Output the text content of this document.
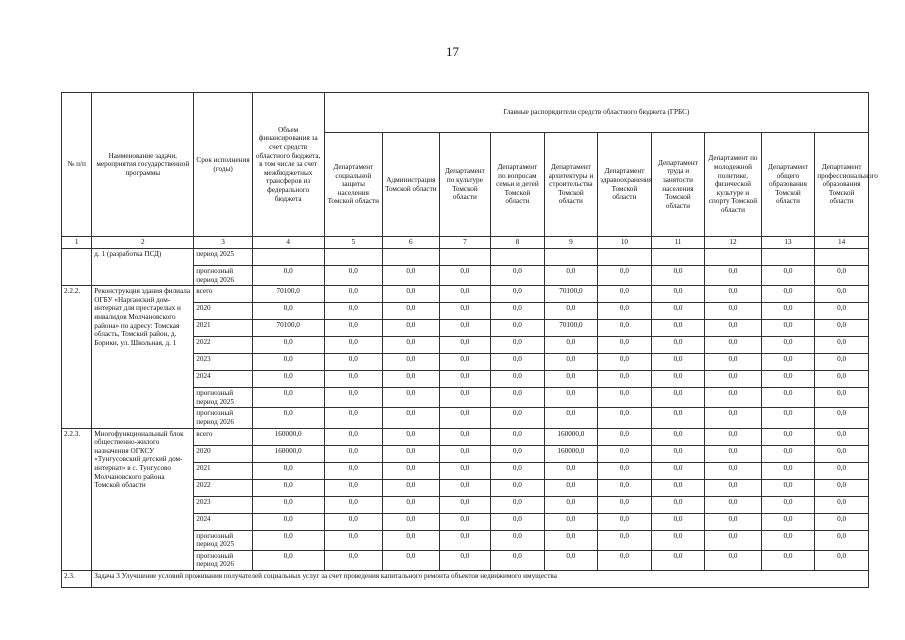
17
№ п/п	Наименование задачи, мероприятия государственной программы	Срок исполнения (годы)	Объем финансирования за счет средств областного бюджета, в том числе за счет межбюджетных трансферов из федерального бюджета	Главные распорядители средств областного бюджета (ГРБС)									
				Департамент социальной защиты населения Томской области	Администрация Томской области	Департамент по культуре Томской области	Департамент по вопросам семьи и детей Томской области	Департамент архитектуры и строительства Томской области	Департамент здравоохранения Томской области	Департамент труда и занятости населения Томской области	Департамент по молодежной политике, физической культуре и спорту Томской области	Департамент общего образования Томской области	Департамент профессионального образования Томской области
1	2	3	4	5	6	7	8	9	10	11	12	13	14
	д. 1 (разработка ПСД)	период 2025											
		прогнозный период 2026	0,0	0,0	0,0	0,0	0,0	0,0	0,0	0,0	0,0	0,0	0,0
2.2.2.	Реконструкция здания филиала ОГБУ «Нарганский дом-интернат для престарелых и инвалидов Молчановского района» по адресу: Томская область, Томский район, д. Борики, ул. Школьная, д. 1	всего	70100,0	0,0	0,0	0,0	0,0	70100,0	0,0	0,0	0,0	0,0	0,0
		2020	0,0	0,0	0,0	0,0	0,0	0,0	0,0	0,0	0,0	0,0	0,0
		2021	70100,0	0,0	0,0	0,0	0,0	70100,0	0,0	0,0	0,0	0,0	0,0
		2022	0,0	0,0	0,0	0,0	0,0	0,0	0,0	0,0	0,0	0,0	0,0
		2023	0,0	0,0	0,0	0,0	0,0	0,0	0,0	0,0	0,0	0,0	0,0
		2024	0,0	0,0	0,0	0,0	0,0	0,0	0,0	0,0	0,0	0,0	0,0
		прогнозный период 2025	0,0	0,0	0,0	0,0	0,0	0,0	0,0	0,0	0,0	0,0	0,0
		прогнозный период 2026	0,0	0,0	0,0	0,0	0,0	0,0	0,0	0,0	0,0	0,0	0,0
2.2.3.	Многофункциональный блок общественно-жилого назначения ОГКСУ «Тунгусовский детский дом-интернат» в с. Тунгусово Молчановского района Томской области	всего	160000,0	0,0	0,0	0,0	0,0	160000,0	0,0	0,0	0,0	0,0	0,0
		2020	160000,0	0,0	0,0	0,0	0,0	160000,0	0,0	0,0	0,0	0,0	0,0
		2021	0,0	0,0	0,0	0,0	0,0	0,0	0,0	0,0	0,0	0,0	0,0
		2022	0,0	0,0	0,0	0,0	0,0	0,0	0,0	0,0	0,0	0,0	0,0
		2023	0,0	0,0	0,0	0,0	0,0	0,0	0,0	0,0	0,0	0,0	0,0
		2024	0,0	0,0	0,0	0,0	0,0	0,0	0,0	0,0	0,0	0,0	0,0
		прогнозный период 2025	0,0	0,0	0,0	0,0	0,0	0,0	0,0	0,0	0,0	0,0	0,0
		прогнозный период 2026	0,0	0,0	0,0	0,0	0,0	0,0	0,0	0,0	0,0	0,0	0,0
2.3.	Задача 3 Улучшение условий проживания получателей социальных услуг за счет проведения капитального ремонта объектов недвижимого имущества												
